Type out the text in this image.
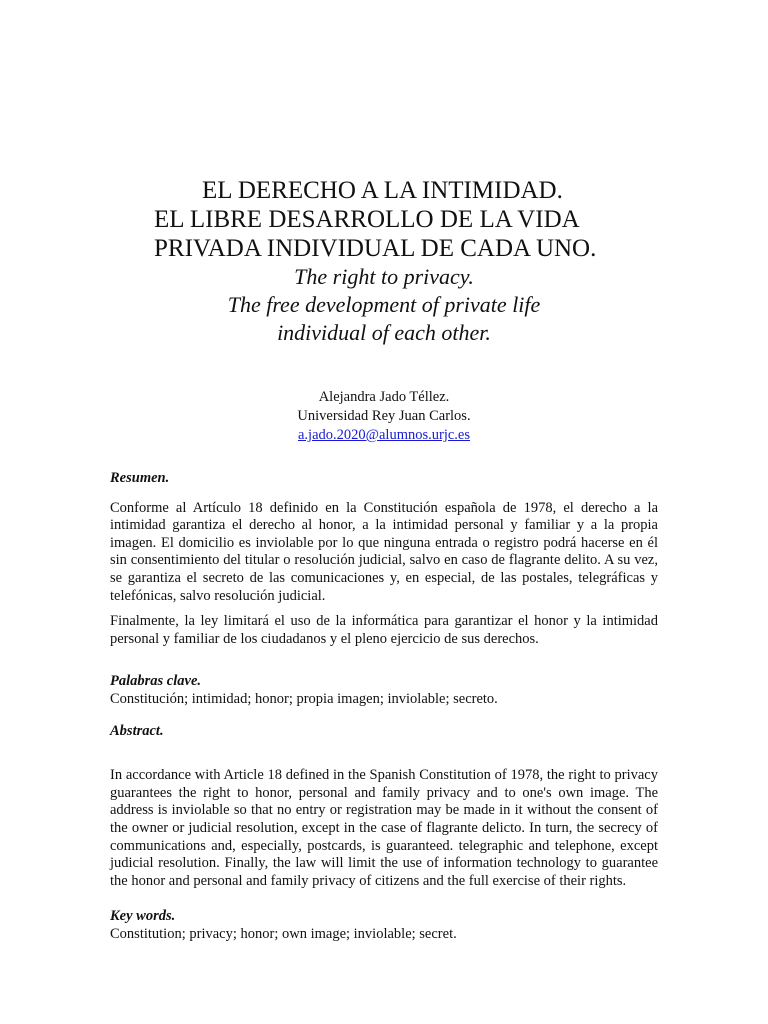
EL DERECHO A LA INTIMIDAD.
EL LIBRE DESARROLLO DE LA VIDA
PRIVADA INDIVIDUAL DE CADA UNO.
The right to privacy.
The free development of private life
individual of each other.
Alejandra Jado Téllez.
Universidad Rey Juan Carlos.
a.jado.2020@alumnos.urjc.es

Resumen.

Conforme al Artículo 18 definido en la Constitución española de 1978, el derecho a la intimidad garantiza el derecho al honor, a la intimidad personal y familiar y a la propia imagen. El domicilio es inviolable por lo que ninguna entrada o registro podrá hacerse en él sin consentimiento del titular o resolución judicial, salvo en caso de flagrante delito. A su vez, se garantiza el secreto de las comunicaciones y, en especial, de las postales, telegráficas y telefónicas, salvo resolución judicial.

Finalmente, la ley limitará el uso de la informática para garantizar el honor y la intimidad personal y familiar de los ciudadanos y el pleno ejercicio de sus derechos.

Palabras clave.

Constitución; intimidad; honor; propia imagen; inviolable; secreto.

Abstract.

In accordance with Article 18 defined in the Spanish Constitution of 1978, the right to privacy guarantees the right to honor, personal and family privacy and to one's own image. The address is inviolable so that no entry or registration may be made in it without the consent of the owner or judicial resolution, except in the case of flagrante delicto. In turn, the secrecy of communications and, especially, postcards, is guaranteed. telegraphic and telephone, except judicial resolution. Finally, the law will limit the use of information technology to guarantee the honor and personal and family privacy of citizens and the full exercise of their rights.

Key words.

Constitution; privacy; honor; own image; inviolable; secret.
